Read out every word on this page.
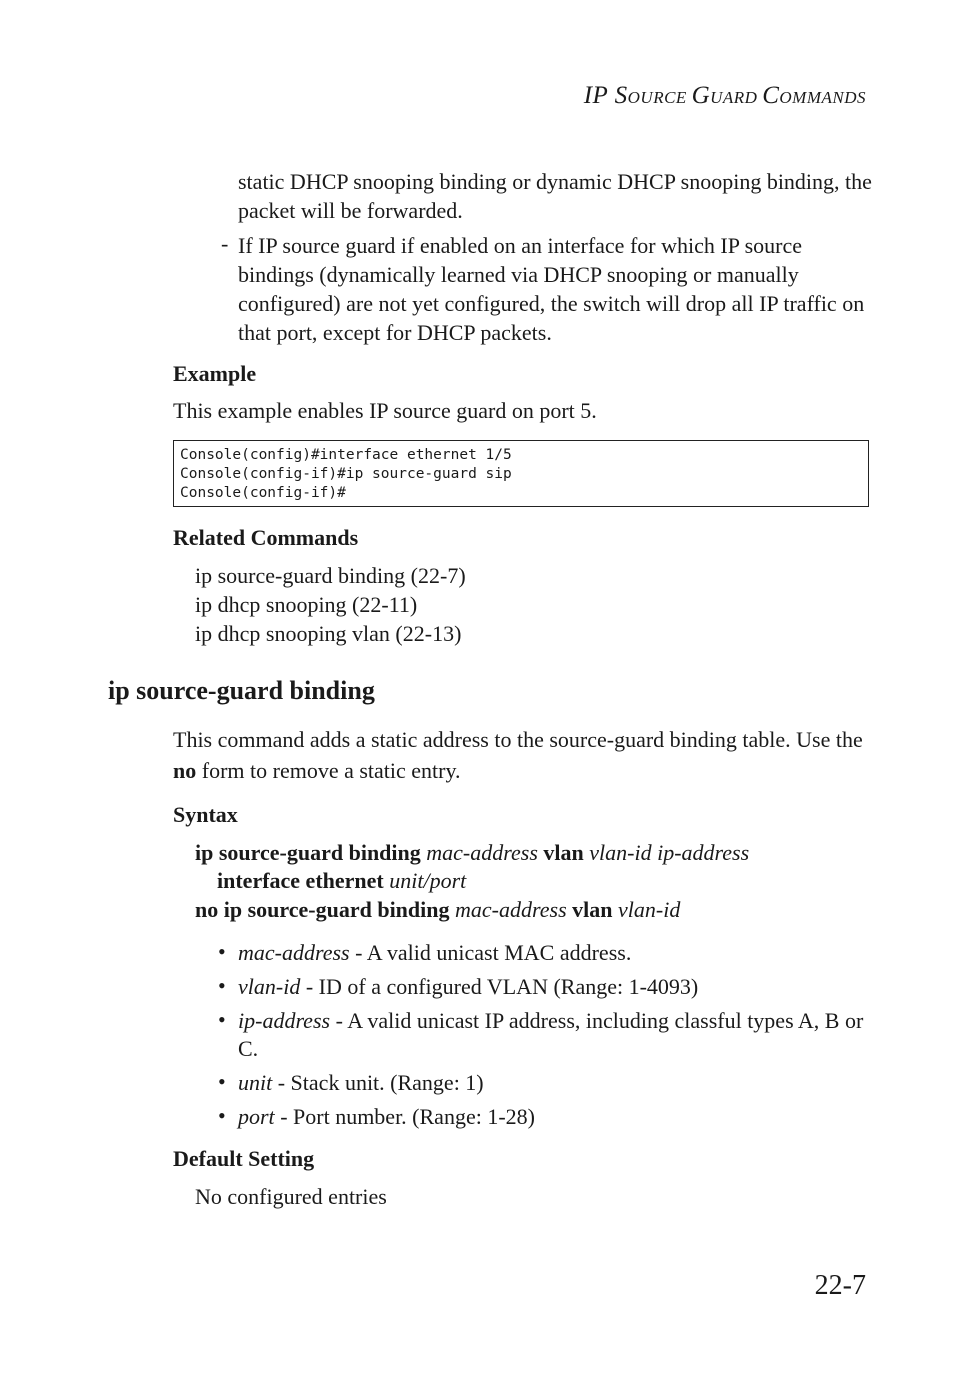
IP SOURCE GUARD COMMANDS
static DHCP snooping binding or dynamic DHCP snooping binding, the packet will be forwarded.
- If IP source guard if enabled on an interface for which IP source bindings (dynamically learned via DHCP snooping or manually configured) are not yet configured, the switch will drop all IP traffic on that port, except for DHCP packets.
Example
This example enables IP source guard on port 5.
Console(config)#interface ethernet 1/5
Console(config-if)#ip source-guard sip
Console(config-if)#
Related Commands
ip source-guard binding (22-7)
ip dhcp snooping (22-11)
ip dhcp snooping vlan (22-13)
ip source-guard binding
This command adds a static address to the source-guard binding table. Use the no form to remove a static entry.
Syntax
ip source-guard binding mac-address vlan vlan-id ip-address
interface ethernet unit/port
no ip source-guard binding mac-address vlan vlan-id
• mac-address - A valid unicast MAC address.
• vlan-id - ID of a configured VLAN (Range: 1-4093)
• ip-address - A valid unicast IP address, including classful types A, B or C.
• unit - Stack unit. (Range: 1)
• port - Port number. (Range: 1-28)
Default Setting
No configured entries
22-7
